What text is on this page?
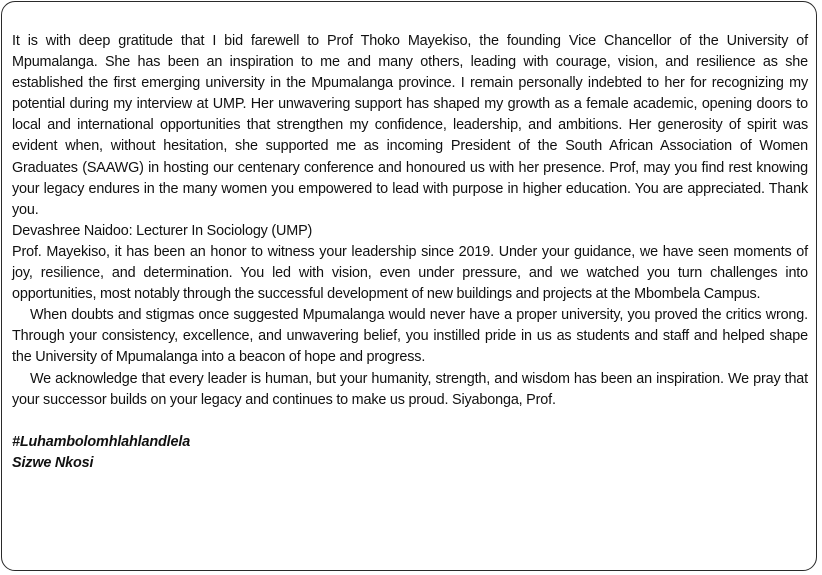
It is with deep gratitude that I bid farewell to Prof Thoko Mayekiso, the founding Vice Chancellor of the University of Mpumalanga. She has been an inspiration to me and many others, leading with courage, vision, and resilience as she established the first emerging university in the Mpumalanga province. I remain personally indebted to her for recognizing my potential during my interview at UMP. Her unwavering support has shaped my growth as a female academic, opening doors to local and international opportunities that strengthen my confidence, leadership, and ambitions. Her generosity of spirit was evident when, without hesitation, she supported me as incoming President of the South African Association of Women Graduates (SAAWG) in hosting our centenary conference and honoured us with her presence. Prof, may you find rest knowing your legacy endures in the many women you empowered to lead with purpose in higher education. You are appreciated. Thank you.

Devashree Naidoo: Lecturer In Sociology (UMP)

Prof. Mayekiso, it has been an honor to witness your leadership since 2019. Under your guidance, we have seen moments of joy, resilience, and determination. You led with vision, even under pressure, and we watched you turn challenges into opportunities, most notably through the successful development of new buildings and projects at the Mbombela Campus.

When doubts and stigmas once suggested Mpumalanga would never have a proper university, you proved the critics wrong. Through your consistency, excellence, and unwavering belief, you instilled pride in us as students and staff and helped shape the University of Mpumalanga into a beacon of hope and progress.

We acknowledge that every leader is human, but your humanity, strength, and wisdom has been an inspiration. We pray that your successor builds on your legacy and continues to make us proud. Siyabonga, Prof.

#Luhambolomhlahlandlela

Sizwe Nkosi
